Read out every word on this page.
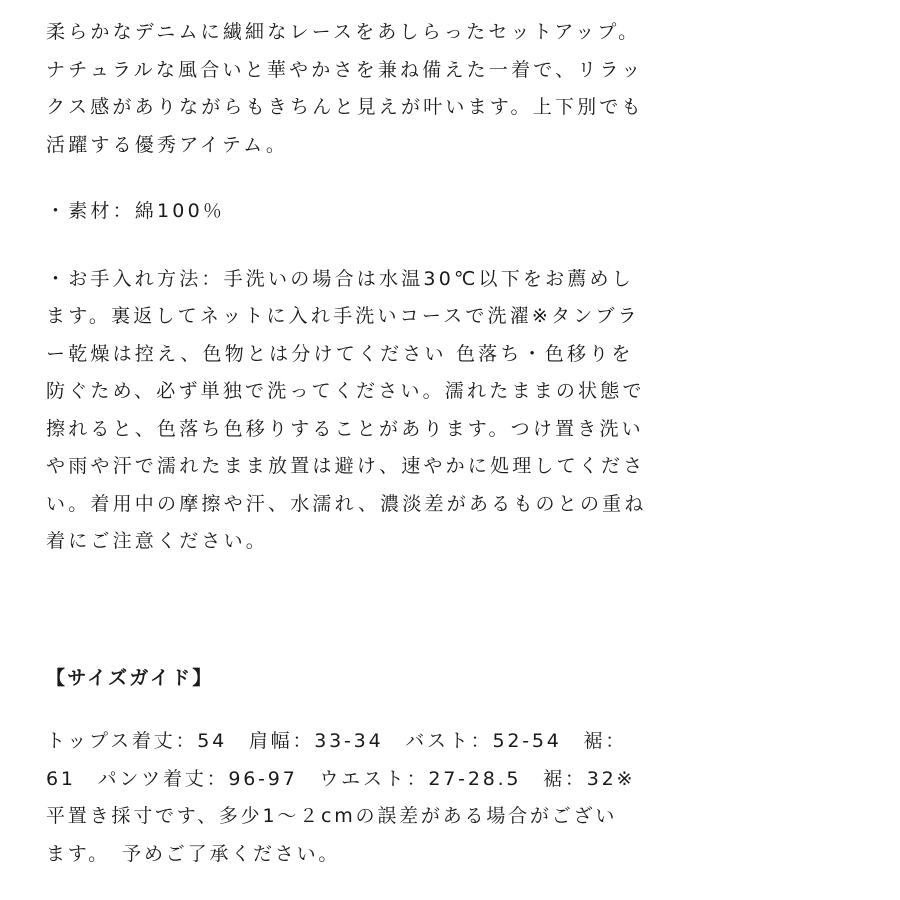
柔らかなデニムに繊細なレースをあしらったセットアップ。
ナチュラルな風合いと華やかさを兼ね備えた一着で、リラッ
クス感がありながらもきちんと見えが叶います。上下別でも
活躍する優秀アイテム。
・素材：綿100％
・お手入れ方法：手洗いの場合は水温30℃以下をお薦めし
ます。裏返してネットに入れ手洗いコースで洗濯※タンブラ
ー乾燥は控え、色物とは分けてください 色落ち・色移りを
防ぐため、必ず単独で洗ってください。濡れたままの状態で
擦れると、色落ち色移りすることがあります。つけ置き洗い
や雨や汗で濡れたまま放置は避け、速やかに処理してくださ
い。着用中の摩擦や汗、水濡れ、濃淡差があるものとの重ね
着にご注意ください。
【サイズガイド】
トップス着丈：54　肩幅：33-34　バスト：52-54　裾：
61　パンツ着丈：96-97　ウエスト：27-28.5　裾：32※
平置き採寸です、多少1～２cmの誤差がある場合がござい
ます。　予めご了承ください。
